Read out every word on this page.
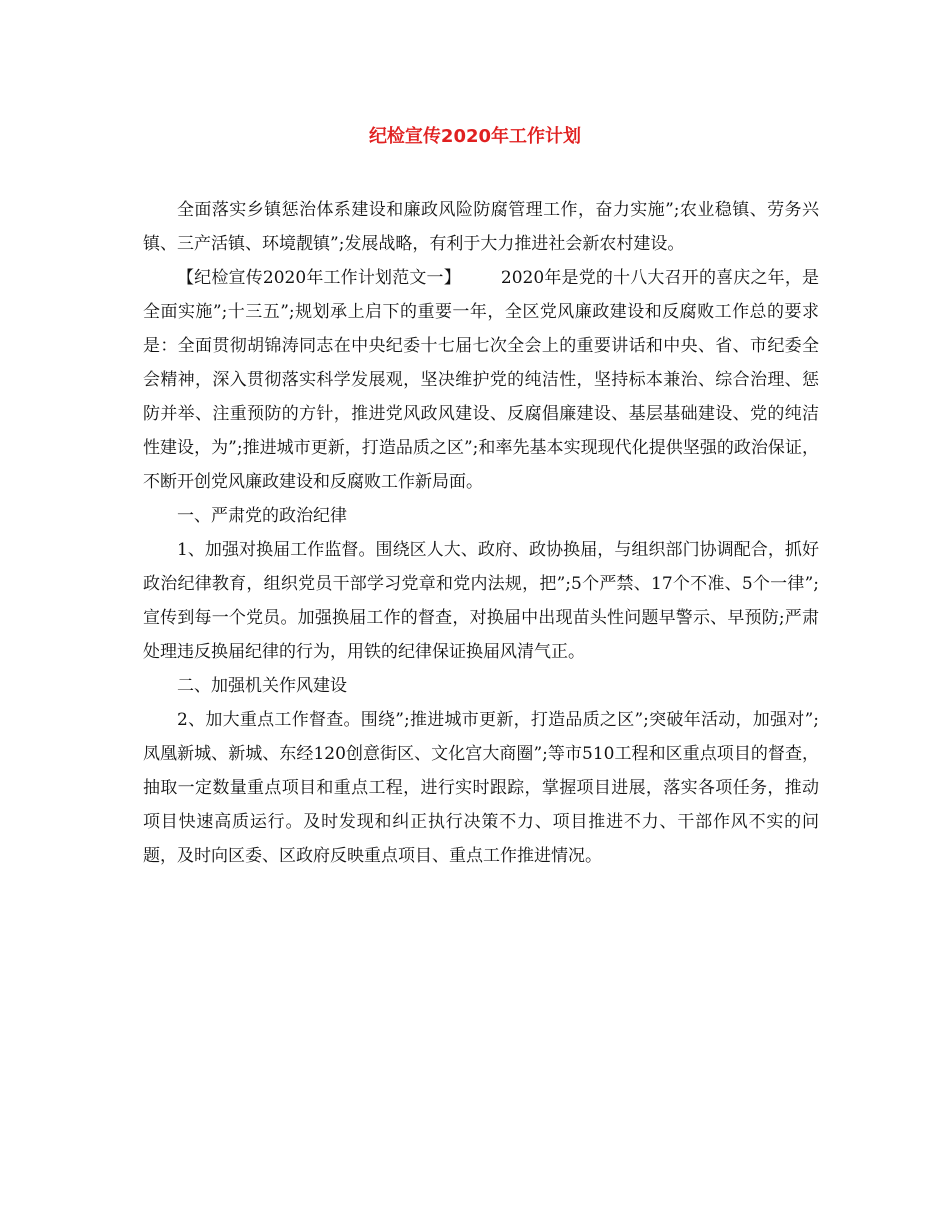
纪检宣传2020年工作计划

全面落实乡镇惩治体系建设和廉政风险防腐管理工作，奋力实施”;农业稳镇、劳务兴镇、三产活镇、环境靓镇”;发展战略，有利于大力推进社会新农村建设。

【纪检宣传2020年工作计划范文一】 2020年是党的十八大召开的喜庆之年，是全面实施”;十三五”;规划承上启下的重要一年，全区党风廉政建设和反腐败工作总的要求是：全面贯彻胡锦涛同志在中央纪委十七届七次全会上的重要讲话和中央、省、市纪委全会精神，深入贯彻落实科学发展观，坚决维护党的纯洁性，坚持标本兼治、综合治理、惩防并举、注重预防的方针，推进党风政风建设、反腐倡廉建设、基层基础建设、党的纯洁性建设，为”;推进城市更新，打造品质之区”;和率先基本实现现代化提供坚强的政治保证，不断开创党风廉政建设和反腐败工作新局面。

一、严肃党的政治纪律

1、加强对换届工作监督。围绕区人大、政府、政协换届，与组织部门协调配合，抓好政治纪律教育，组织党员干部学习党章和党内法规，把”;5个严禁、17个不准、5个一律”;宣传到每一个党员。加强换届工作的督查，对换届中出现苗头性问题早警示、早预防;严肃处理违反换届纪律的行为，用铁的纪律保证换届风清气正。

二、加强机关作风建设

2、加大重点工作督查。围绕”;推进城市更新，打造品质之区”;突破年活动，加强对”;凤凰新城、新城、东经120创意街区、文化宫大商圈”;等市510工程和区重点项目的督查，抽取一定数量重点项目和重点工程，进行实时跟踪，掌握项目进展，落实各项任务，推动项目快速高质运行。及时发现和纠正执行决策不力、项目推进不力、干部作风不实的问题，及时向区委、区政府反映重点项目、重点工作推进情况。
